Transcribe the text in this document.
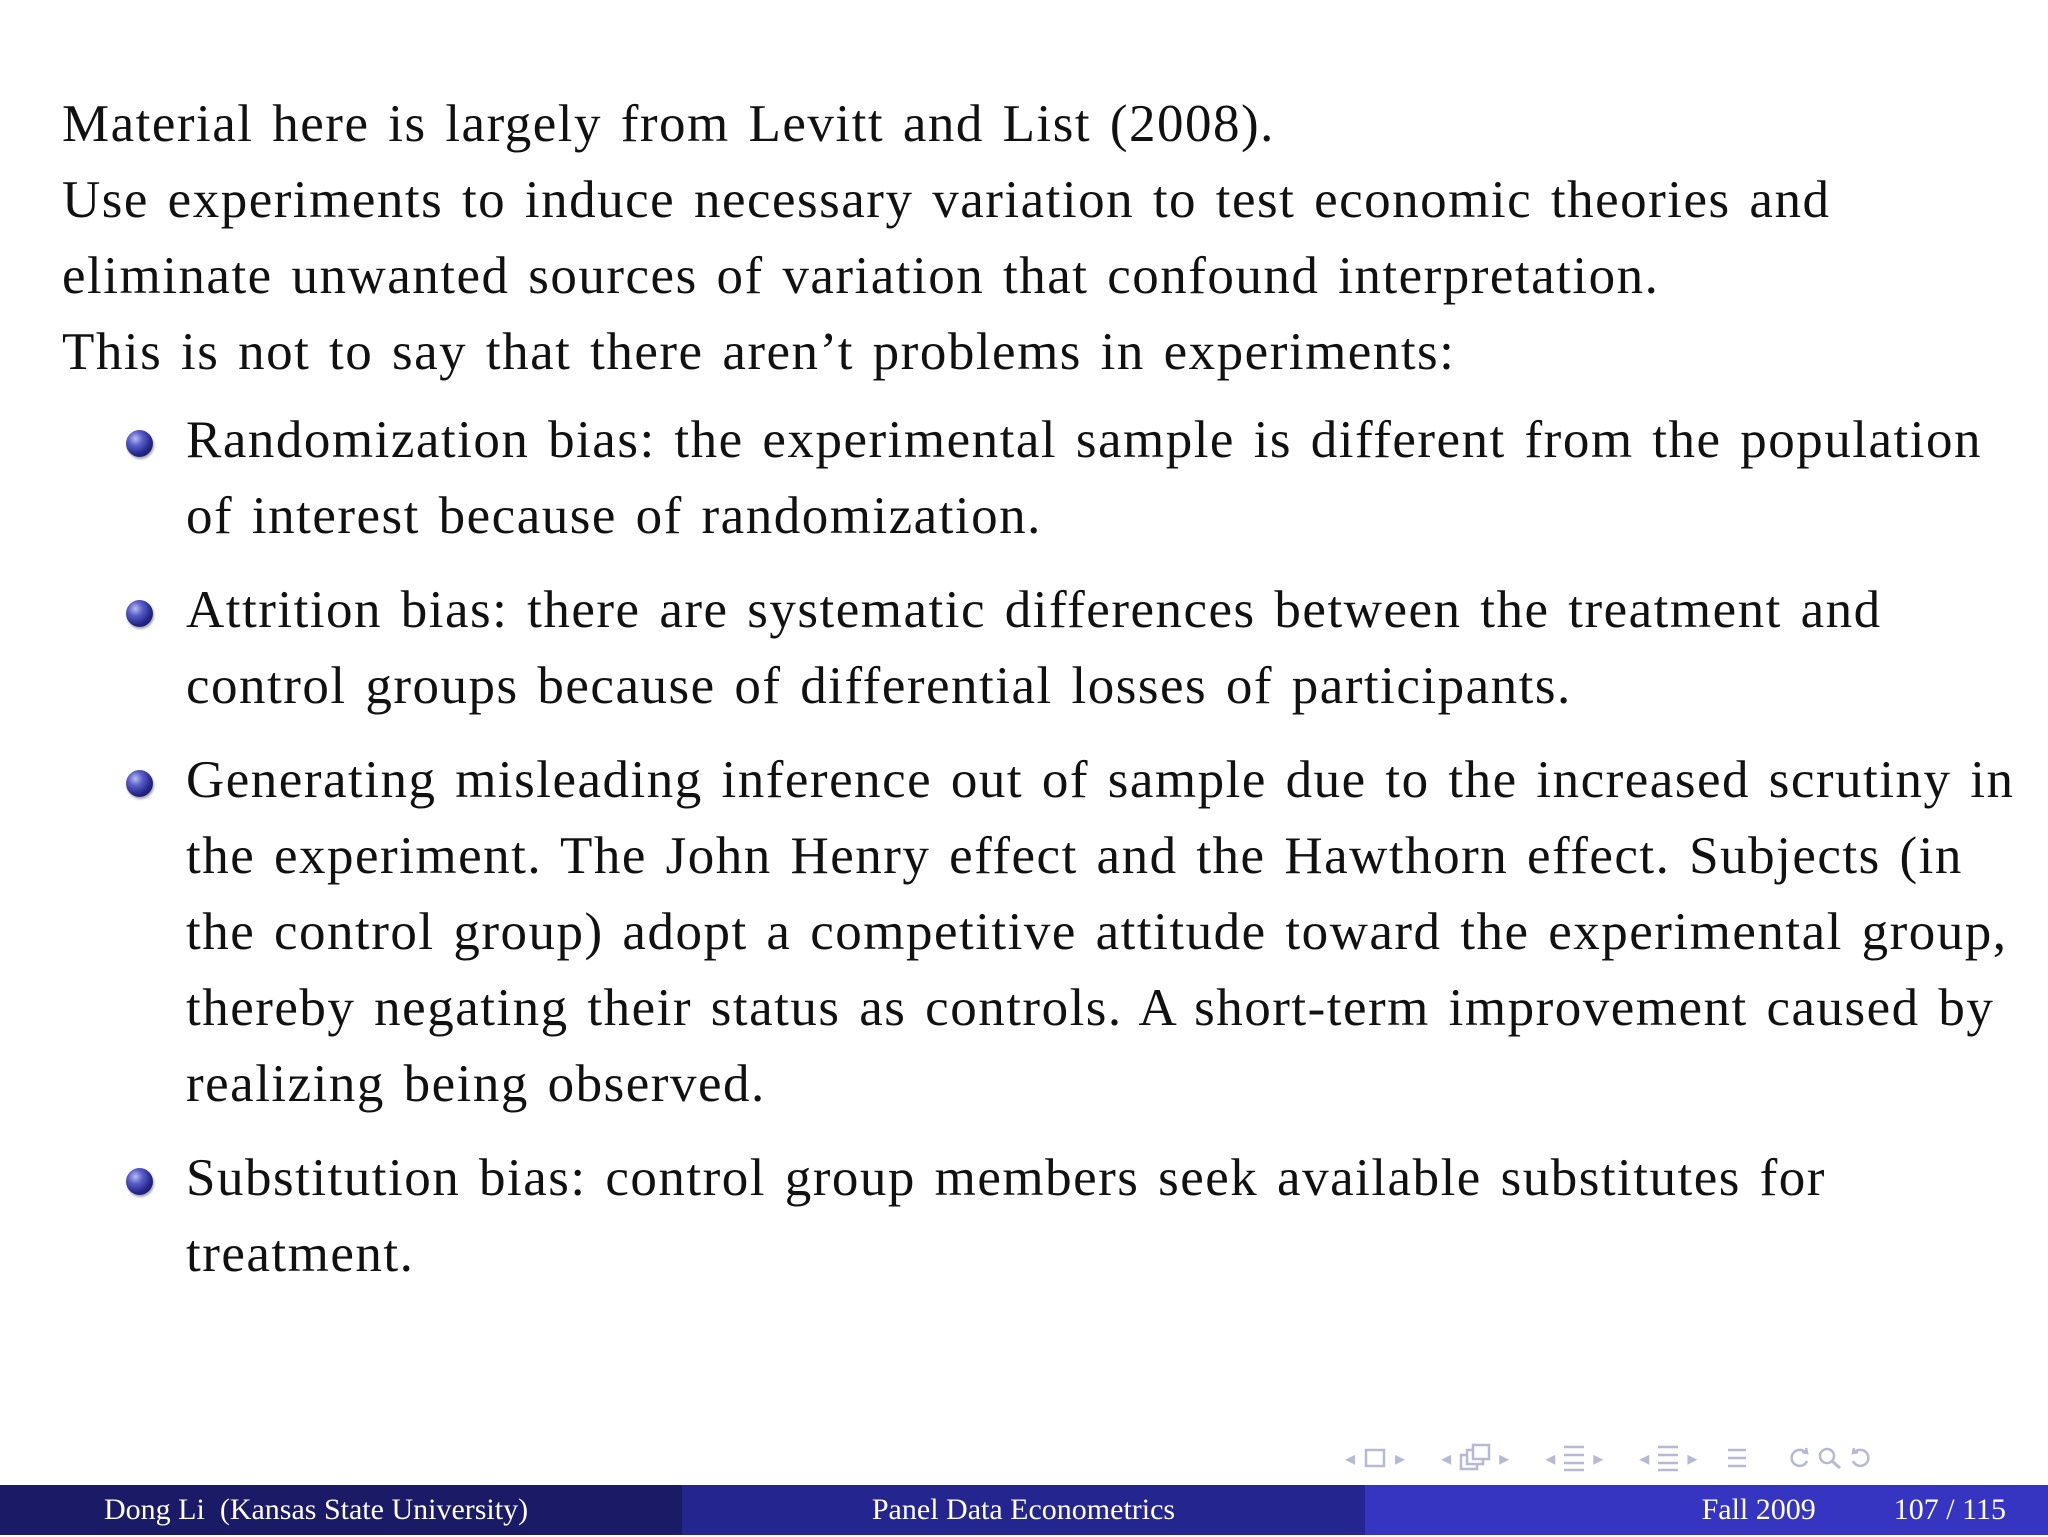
Material here is largely from Levitt and List (2008).

Use experiments to induce necessary variation to test economic theories and eliminate unwanted sources of variation that confound interpretation.

This is not to say that there aren’t problems in experiments:

Randomization bias: the experimental sample is different from the population of interest because of randomization.
Attrition bias: there are systematic differences between the treatment and control groups because of differential losses of participants.
Generating misleading inference out of sample due to the increased scrutiny in the experiment. The John Henry effect and the Hawthorn effect. Subjects (in the control group) adopt a competitive attitude toward the experimental group, thereby negating their status as controls. A short-term improvement caused by realizing being observed.
Substitution bias: control group members seek available substitutes for treatment.
◂ ▸ ◂ ▸ ◂ ▸ ◂ ▸
Dong Li  (Kansas State University)	Panel Data Econometrics	Fall 2009	107 / 115
